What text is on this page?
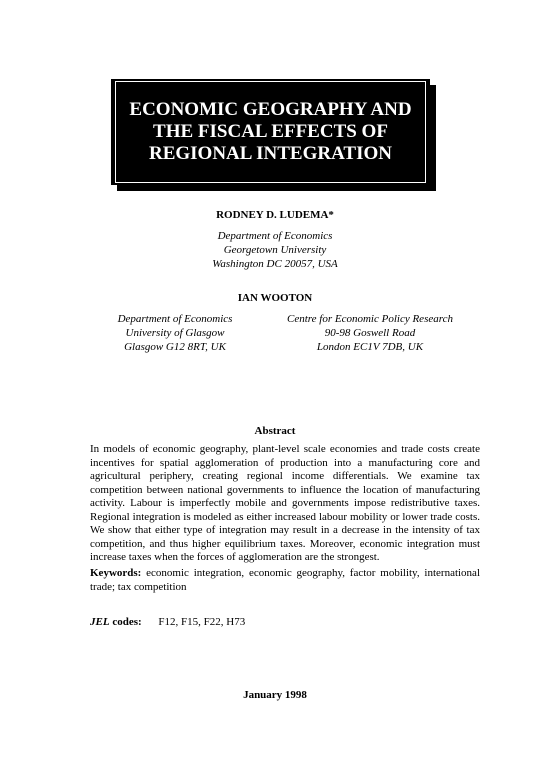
ECONOMIC GEOGRAPHY AND
THE FISCAL EFFECTS OF
REGIONAL INTEGRATION
RODNEY D. LUDEMA*
Department of Economics
Georgetown University
Washington DC 20057, USA
IAN WOOTON
Department of Economics
University of Glasgow
Glasgow G12 8RT, UK
Centre for Economic Policy Research
90-98 Goswell Road
London EC1V 7DB, UK
Abstract
In models of economic geography, plant-level scale economies and trade costs create incentives for spatial agglomeration of production into a manufacturing core and agricultural periphery, creating regional income differentials. We examine tax competition between national governments to influence the location of manufacturing activity. Labour is imperfectly mobile and governments impose redistributive taxes. Regional integration is modeled as either increased labour mobility or lower trade costs. We show that either type of integration may result in a decrease in the intensity of tax competition, and thus higher equilibrium taxes. Moreover, economic integration must increase taxes when the forces of agglomeration are the strongest.
Keywords: economic integration, economic geography, factor mobility, international trade; tax competition
JEL codes: F12, F15, F22, H73
January 1998
